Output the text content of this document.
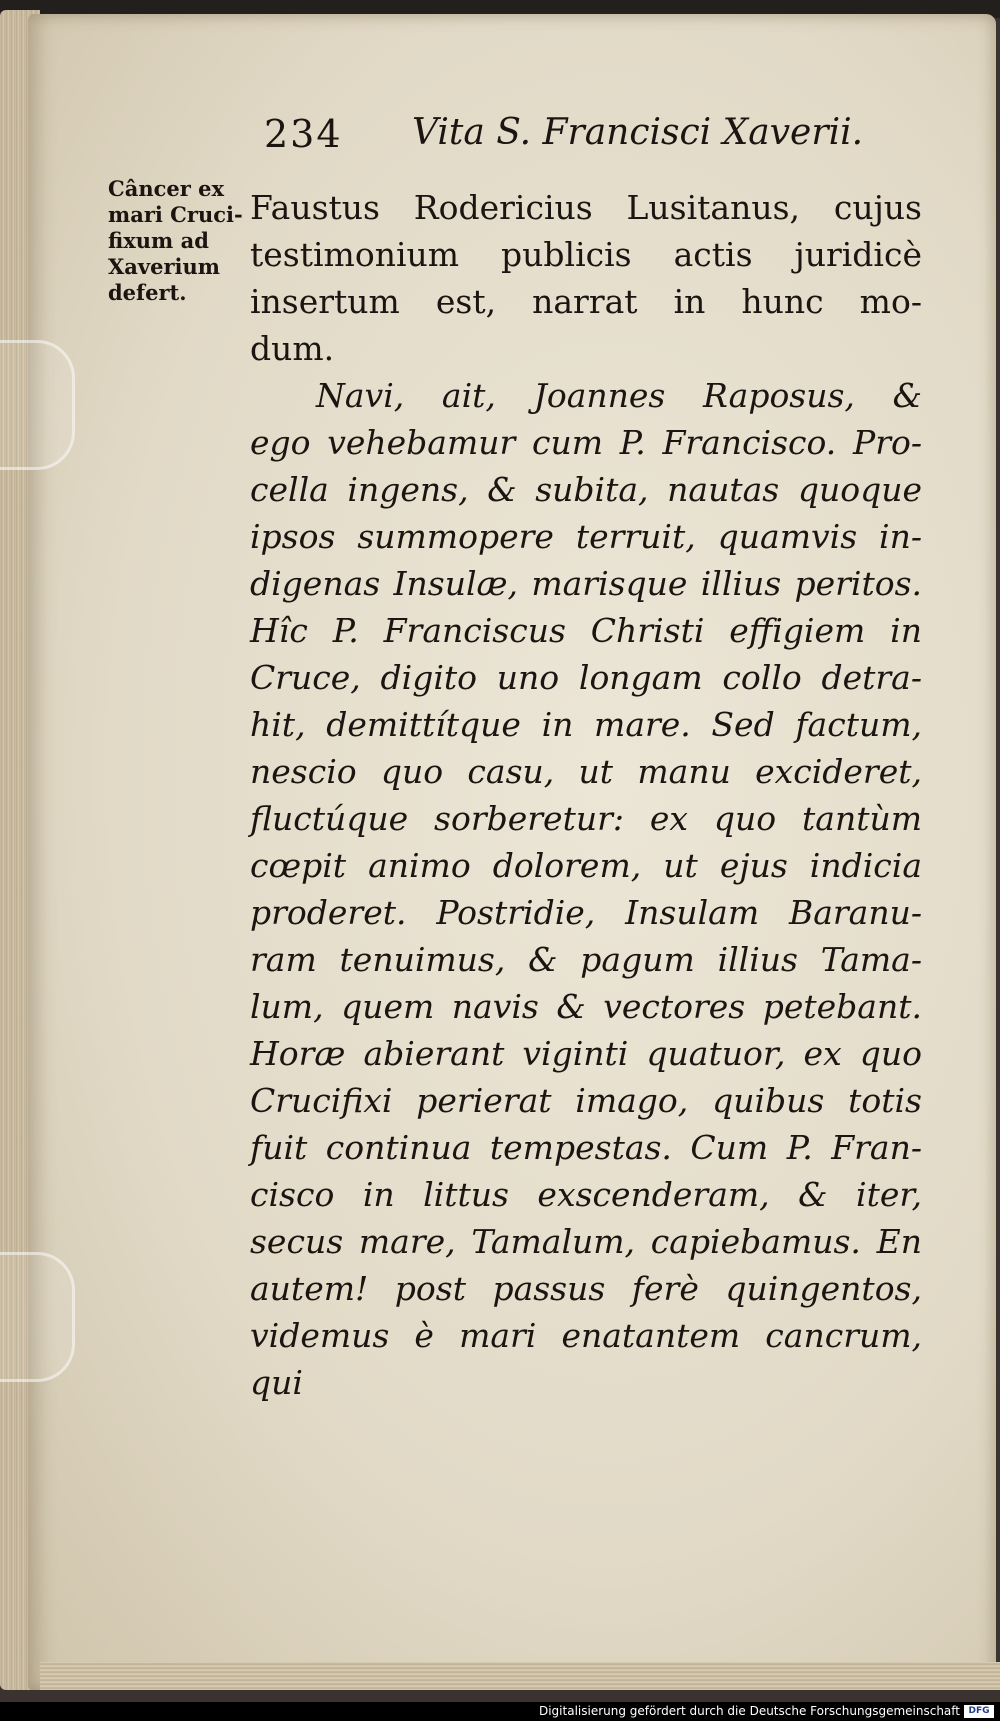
234 Vita S. Francisci Xaverii.
Câncer ex
mari Cruci-
fixum ad
Xaverium
defert.
Faustus Rodericius Lusitanus, cujus
testimonium publicis actis juridicè
insertum est, narrat in hunc mo-
dum.
Navi, ait, Joannes Raposus, &
ego vehebamur cum P. Francisco. Pro-
cella ingens, & subita, nautas quoque
ipsos summopere terruit, quamvis in-
digenas Insulæ, marisque illius peritos.
Hîc P. Franciscus Christi effigiem in
Cruce, digito uno longam collo detra-
hit, demittítque in mare. Sed factum,
nescio quo casu, ut manu excideret,
fluctúque sorberetur: ex quo tantùm
cœpit animo dolorem, ut ejus indicia
proderet. Postridie, Insulam Baranu-
ram tenuimus, & pagum illius Tama-
lum, quem navis & vectores petebant.
Horæ abierant viginti quatuor, ex quo
Crucifixi perierat imago, quibus totis
fuit continua tempestas. Cum P. Fran-
cisco in littus exscenderam, & iter,
secus mare, Tamalum, capiebamus. En
autem! post passus ferè quingentos,
videmus è mari enatantem cancrum,
qui
Digitalisierung gefördert durch die Deutsche Forschungsgemeinschaft DFG
